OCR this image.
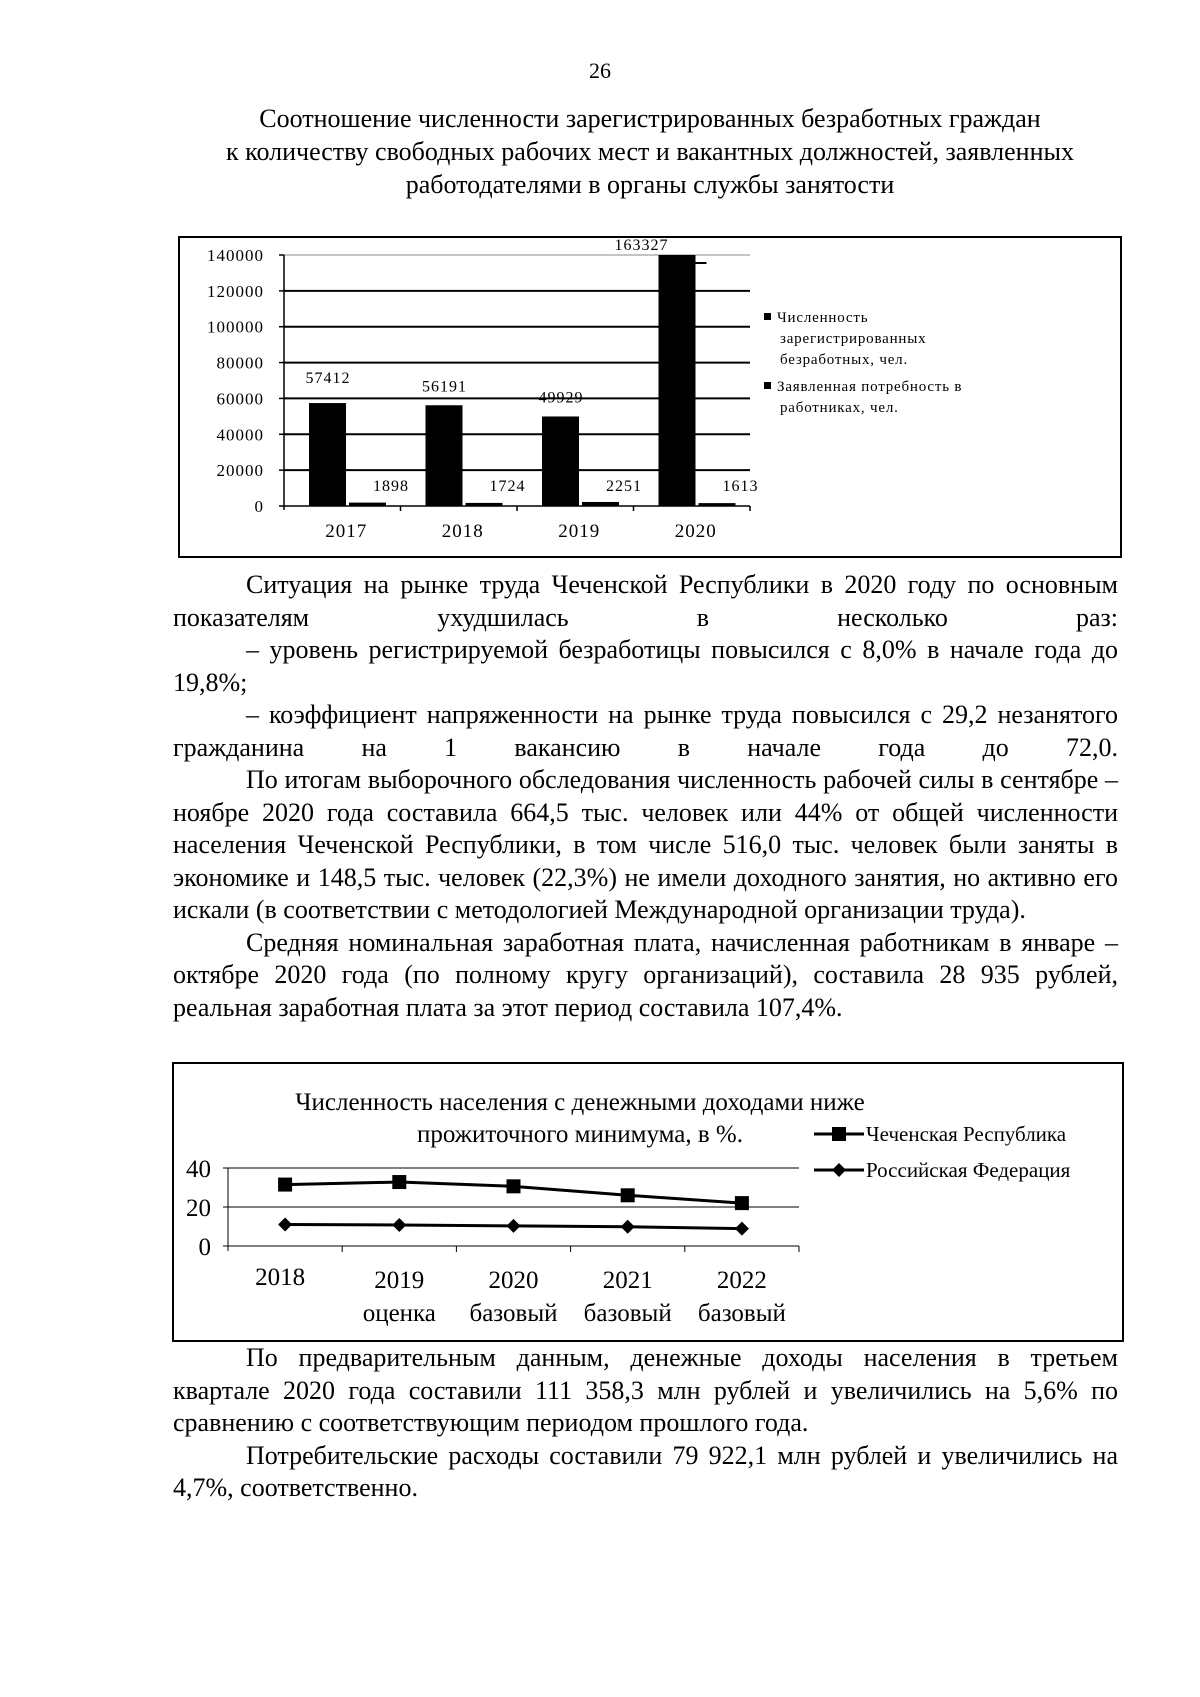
26
Соотношение численности зарегистрированных безработных граждан
к количеству свободных рабочих мест и вакантных должностей, заявленных
работодателями в органы службы занятости
0
20000
40000
60000
80000
100000
120000
140000
2017
57412
1898
2018
56191
1724
2019
49929
2251
2020
163327
1613
Численность
зарегистрированных
безработных, чел.
Заявленная потребность в
работниках, чел.

Ситуация на рынке труда Чеченской Республики в 2020 году по основным показателям ухудшилась в несколько раз:

– уровень регистрируемой безработицы повысился с 8,0% в начале года до 19,8%;

– коэффициент напряженности на рынке труда повысился с 29,2 незанятого гражданина на 1 вакансию в начале года до 72,0.

По итогам выборочного обследования численность рабочей силы в сентябре – ноябре 2020 года составила 664,5 тыс. человек или 44% от общей численности населения Чеченской Республики, в том числе 516,0 тыс. человек были заняты в экономике и 148,5 тыс. человек (22,3%) не имели доходного занятия, но активно его искали (в соответствии с методологией Международной организации труда).

Средняя номинальная заработная плата, начисленная работникам в январе – октябре 2020 года (по полному кругу организаций), составила 28 935 рублей, реальная заработная плата за этот период составила 107,4%.

Численность населения с денежными доходами ниже
прожиточного минимума, в %.
0
20
40
2018	2019
оценка
2020
базовый
2021
базовый
2022
базовый
Чеченская Республика
Российская Федерация

По предварительным данным, денежные доходы населения в третьем квартале 2020 года составили 111 358,3 млн рублей и увеличились на 5,6% по сравнению с соответствующим периодом прошлого года.

Потребительские расходы составили 79 922,1 млн рублей и увеличились на 4,7%, соответственно.
